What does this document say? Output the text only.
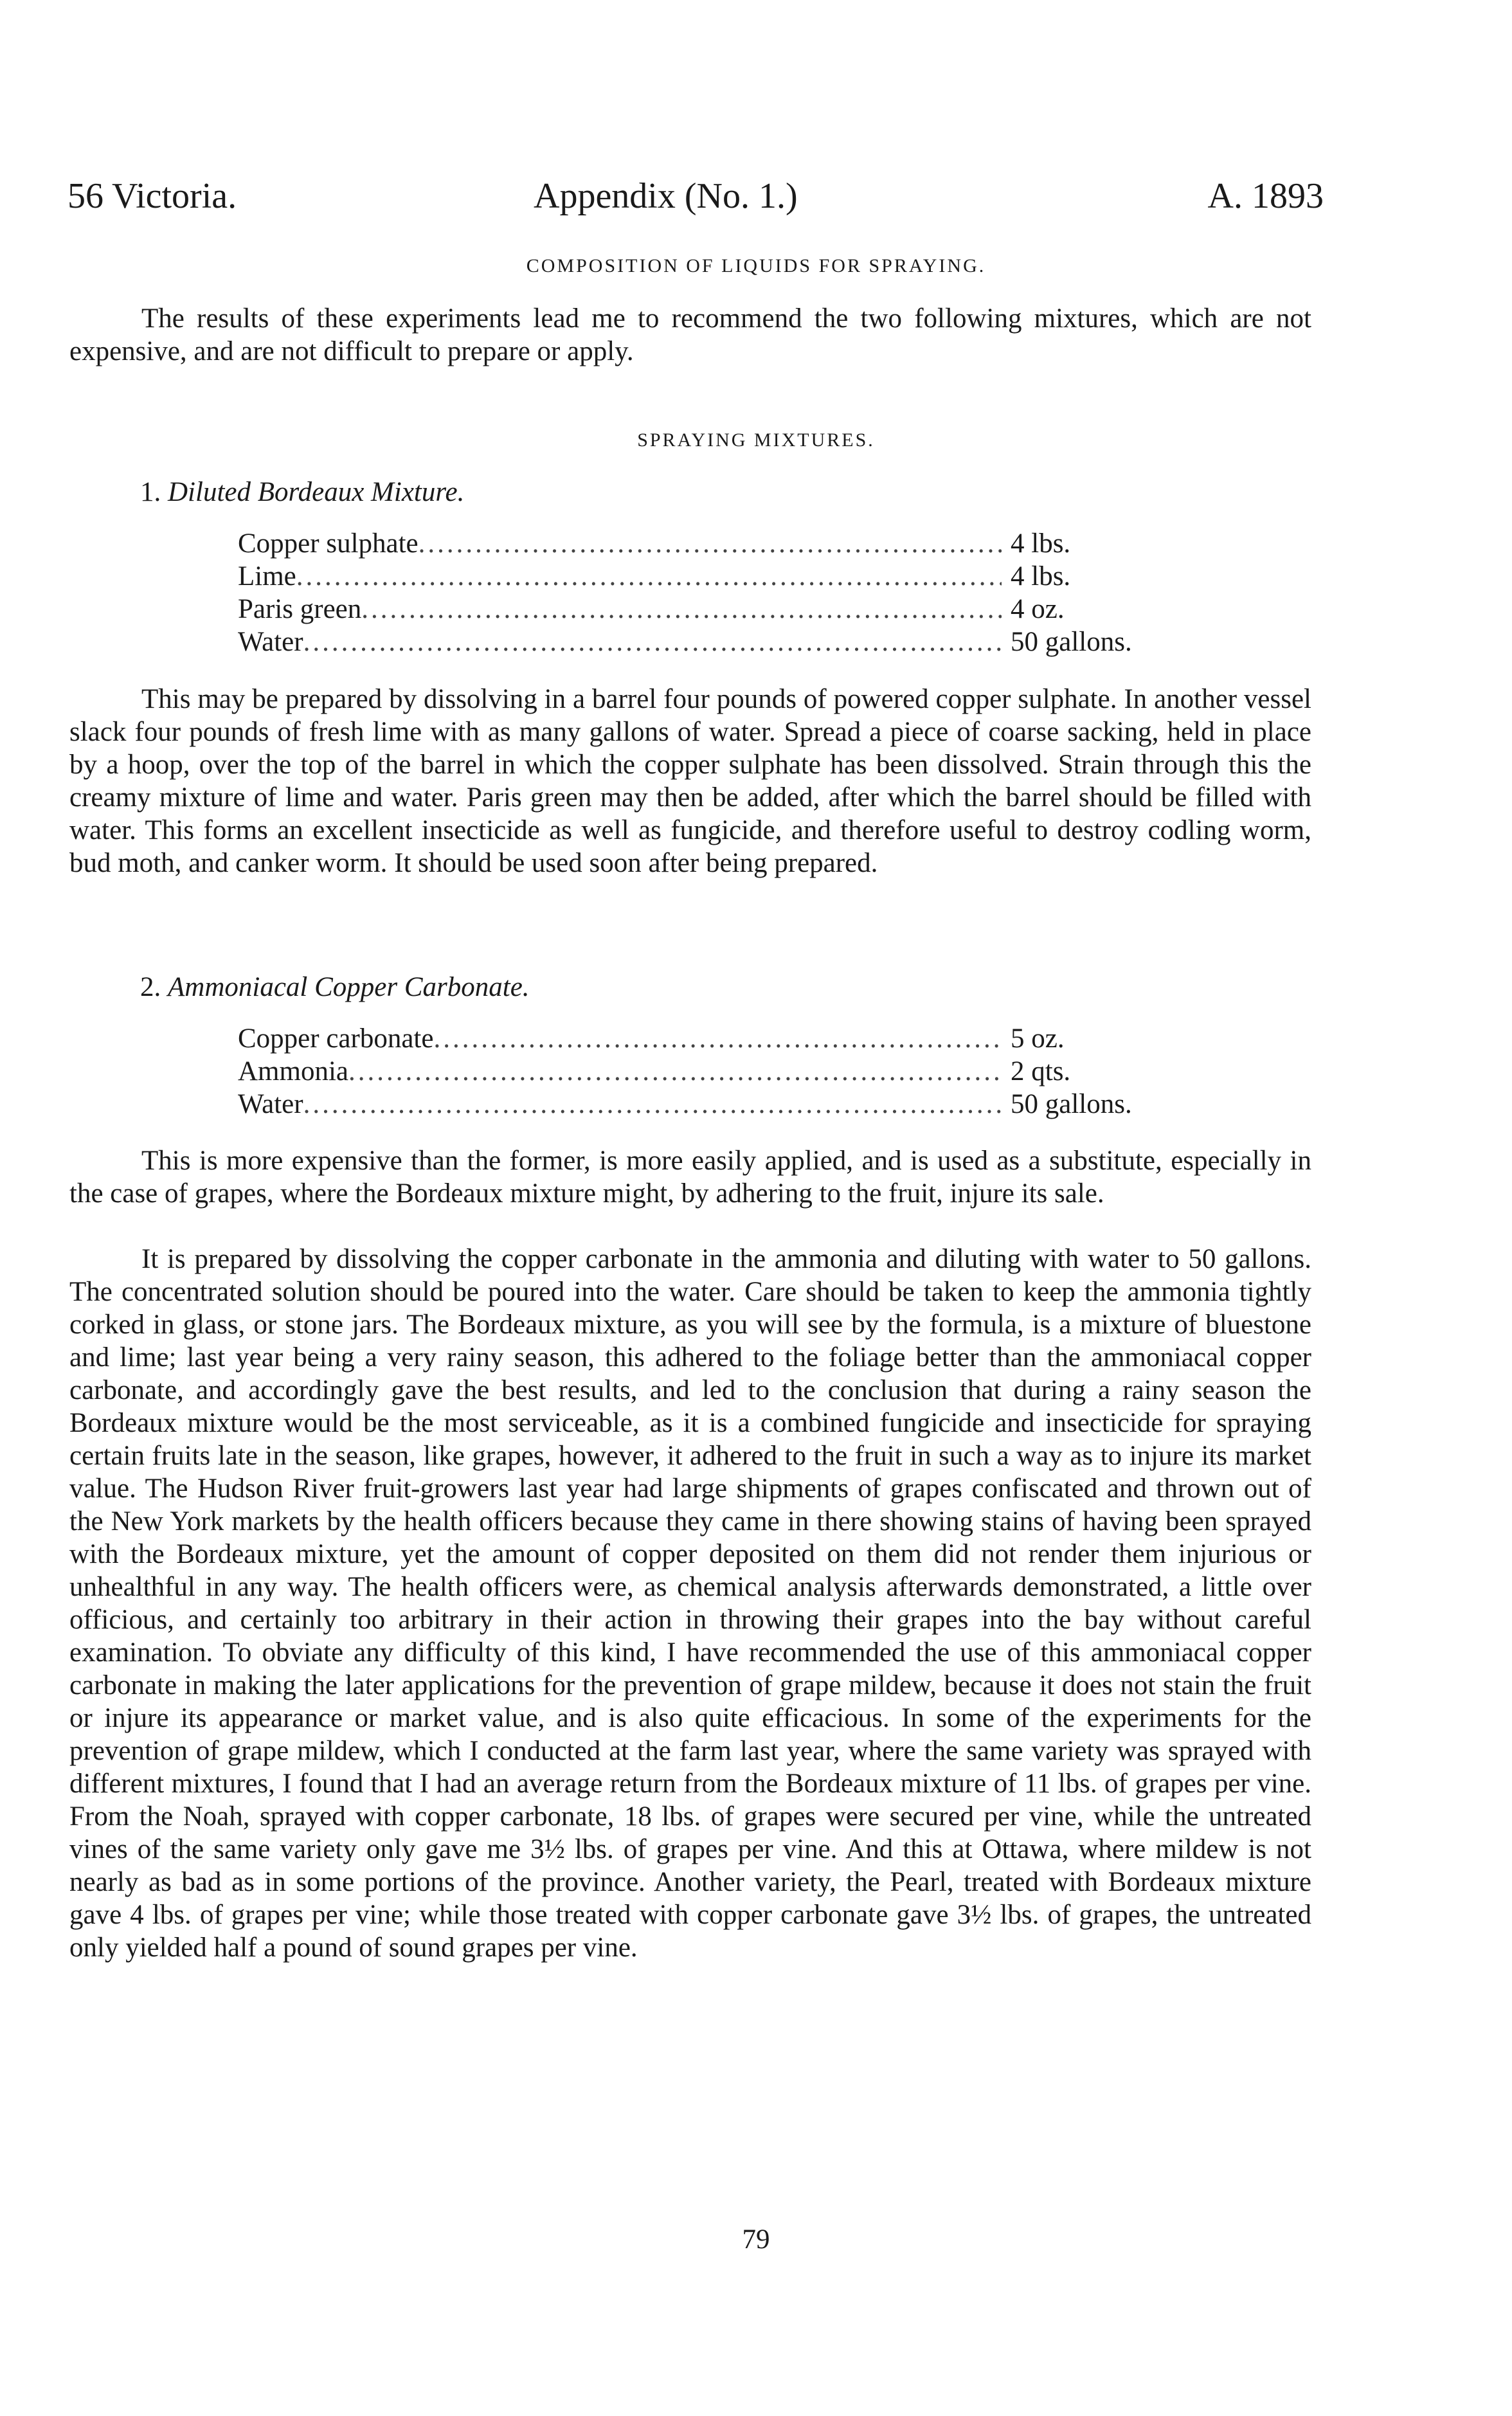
56 Victoria.	Appendix (No. 1.)	A. 1893
COMPOSITION OF LIQUIDS FOR SPRAYING.

The results of these experiments lead me to recommend the two following mixtures, which are not expensive, and are not difficult to prepare or apply.

SPRAYING MIXTURES.
1. Diluted Bordeaux Mixture.
Copper sulphate .....	4 lbs.
Lime .....	4 lbs.
Paris green .....	4 oz.
Water .....	50 gallons.

This may be prepared by dissolving in a barrel four pounds of powered copper sulphate. In another vessel slack four pounds of fresh lime with as many gallons of water. Spread a piece of coarse sacking, held in place by a hoop, over the top of the barrel in which the copper sulphate has been dissolved. Strain through this the creamy mixture of lime and water. Paris green may then be added, after which the barrel should be filled with water. This forms an excellent insecticide as well as fungicide, and therefore useful to destroy codling worm, bud moth, and canker worm. It should be used soon after being prepared.

2. Ammoniacal Copper Carbonate.
Copper carbonate .....	5 oz.
Ammonia .....	2 qts.
Water .....	50 gallons.

This is more expensive than the former, is more easily applied, and is used as a substitute, especially in the case of grapes, where the Bordeaux mixture might, by adhering to the fruit, injure its sale.

It is prepared by dissolving the copper carbonate in the ammonia and diluting with water to 50 gallons. The concentrated solution should be poured into the water. Care should be taken to keep the ammonia tightly corked in glass, or stone jars. The Bordeaux mixture, as you will see by the formula, is a mixture of bluestone and lime; last year being a very rainy season, this adhered to the foliage better than the ammoniacal copper carbonate, and accordingly gave the best results, and led to the conclusion that during a rainy season the Bordeaux mixture would be the most serviceable, as it is a combined fungicide and insecticide for spraying certain fruits late in the season, like grapes, however, it adhered to the fruit in such a way as to injure its market value. The Hudson River fruit-growers last year had large shipments of grapes confiscated and thrown out of the New York markets by the health officers because they came in there showing stains of having been sprayed with the Bordeaux mixture, yet the amount of copper deposited on them did not render them injurious or unhealthful in any way. The health officers were, as chemical analysis afterwards demonstrated, a little over officious, and certainly too arbitrary in their action in throwing their grapes into the bay without careful examination. To obviate any difficulty of this kind, I have recommended the use of this ammoniacal copper carbonate in making the later applications for the prevention of grape mildew, because it does not stain the fruit or injure its appearance or market value, and is also quite efficacious. In some of the experiments for the prevention of grape mildew, which I conducted at the farm last year, where the same variety was sprayed with different mixtures, I found that I had an average return from the Bordeaux mixture of 11 lbs. of grapes per vine. From the Noah, sprayed with copper carbonate, 18 lbs. of grapes were secured per vine, while the untreated vines of the same variety only gave me 3½ lbs. of grapes per vine. And this at Ottawa, where mildew is not nearly as bad as in some portions of the province. Another variety, the Pearl, treated with Bordeaux mixture gave 4 lbs. of grapes per vine; while those treated with copper carbonate gave 3½ lbs. of grapes, the untreated only yielded half a pound of sound grapes per vine.

79
